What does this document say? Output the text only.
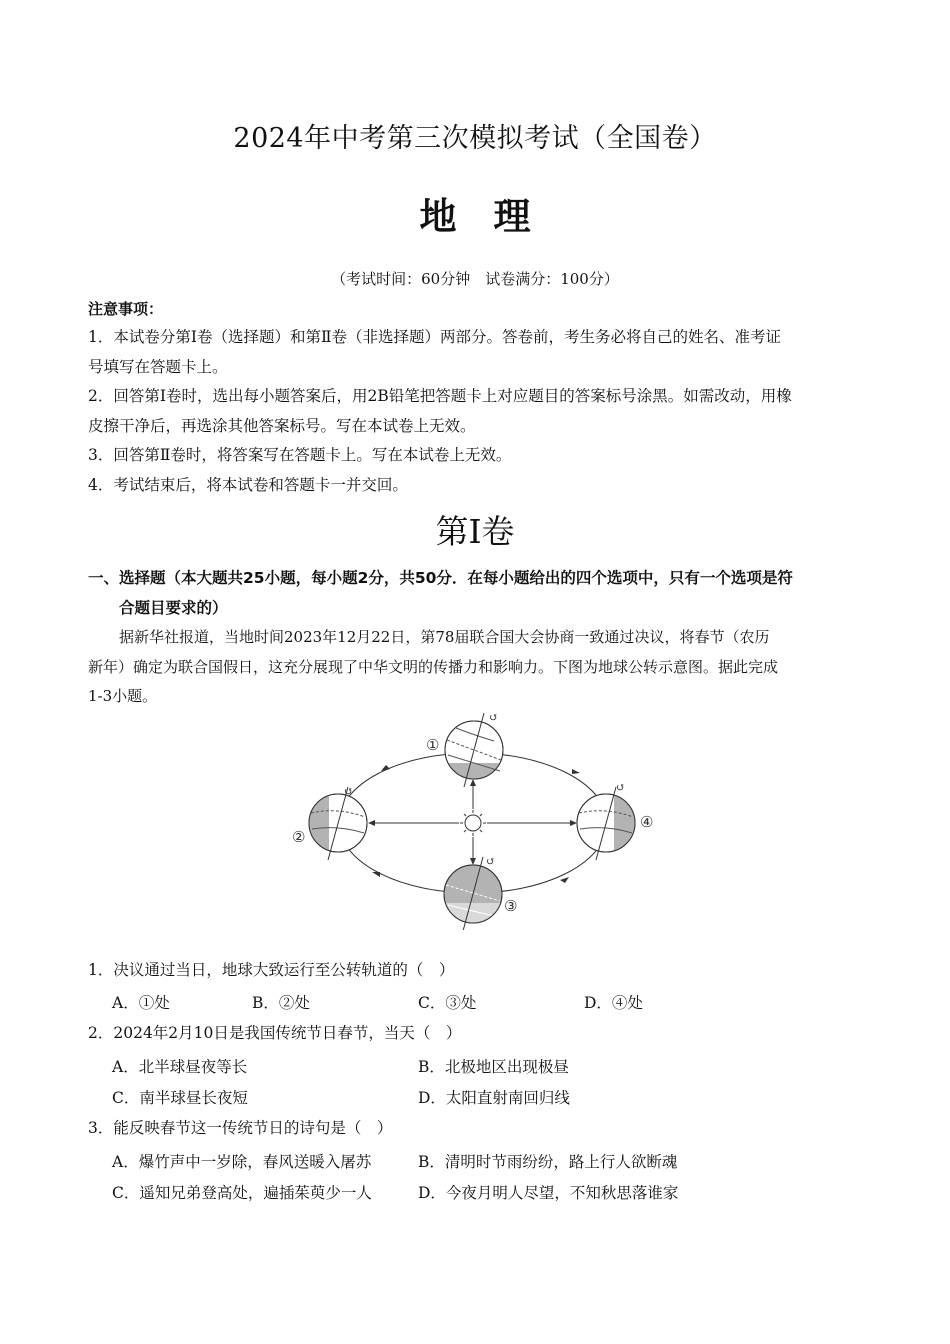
2024年中考第三次模拟考试（全国卷）
地　理
（考试时间：60分钟　试卷满分：100分）
注意事项：
1．本试卷分第Ⅰ卷（选择题）和第Ⅱ卷（非选择题）两部分。答卷前，考生务必将自己的姓名、准考证
号填写在答题卡上。
2．回答第Ⅰ卷时，选出每小题答案后，用2B铅笔把答题卡上对应题目的答案标号涂黑。如需改动，用橡
皮擦干净后，再选涂其他答案标号。写在本试卷上无效。
3．回答第Ⅱ卷时，将答案写在答题卡上。写在本试卷上无效。
4．考试结束后，将本试卷和答题卡一并交回。
第Ⅰ卷
一、选择题（本大题共25小题，每小题2分，共50分．在每小题给出的四个选项中，只有一个选项是符
合题目要求的）
据新华社报道，当地时间2023年12月22日，第78届联合国大会协商一致通过决议，将春节（农历
新年）确定为联合国假日，这充分展现了中华文明的传播力和影响力。下图为地球公转示意图。据此完成
1-3小题。
↺
↺
↺
↺
①
②
③
④
1．决议通过当日，地球大致运行至公转轨道的（　）
A．①处	B．②处	C．③处	D．④处
2．2024年2月10日是我国传统节日春节，当天（　）
A．北半球昼夜等长	B．北极地区出现极昼
C．南半球昼长夜短	D．太阳直射南回归线
3．能反映春节这一传统节日的诗句是（　）
A．爆竹声中一岁除，春风送暖入屠苏	B．清明时节雨纷纷，路上行人欲断魂
C．遥知兄弟登高处，遍插茱萸少一人	D．今夜月明人尽望，不知秋思落谁家
